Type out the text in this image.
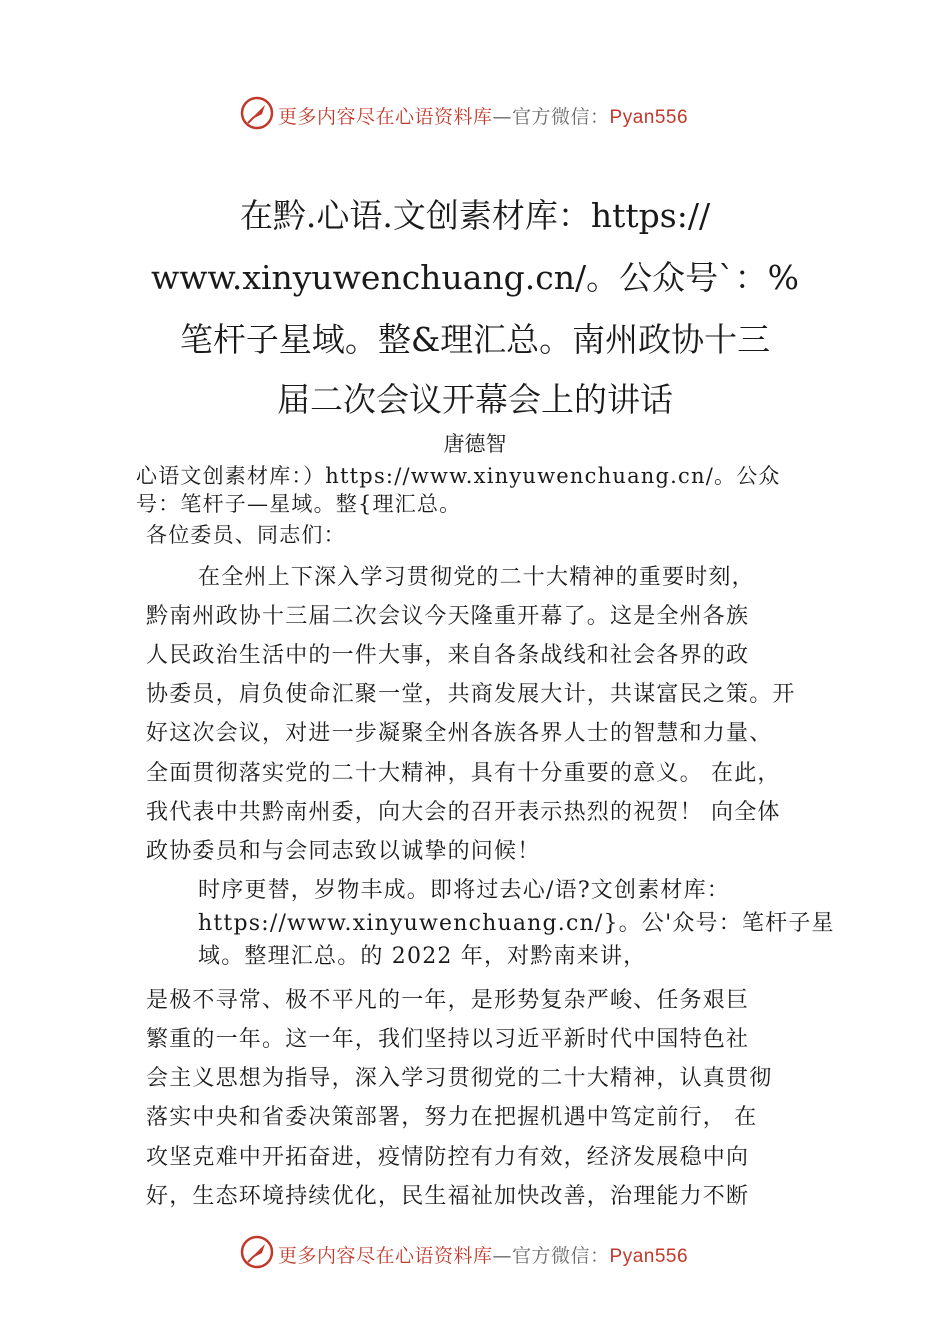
更多内容尽在心语资料库—官方微信：Pyan556
在黔.心语.文创素材库：https://
www.xinyuwenchuang.cn/。公众号`：%
笔杆子星域。整&理汇总。南州政协十三
届二次会议开幕会上的讲话
唐德智
心语文创素材库：）https://www.xinyuwenchuang.cn/。公众
号：笔杆子—星域。整{理汇总。
各位委员、同志们：
在全州上下深入学习贯彻党的二十大精神的重要时刻，
黔南州政协十三届二次会议今天隆重开幕了。这是全州各族
人民政治生活中的一件大事，来自各条战线和社会各界的政
协委员，肩负使命汇聚一堂，共商发展大计，共谋富民之策。开
好这次会议，对进一步凝聚全州各族各界人士的智慧和力量、
全面贯彻落实党的二十大精神，具有十分重要的意义。 在此，
我代表中共黔南州委，向大会的召开表示热烈的祝贺！ 向全体
政协委员和与会同志致以诚挚的问候！
时序更替，岁物丰成。即将过去心/语?文创素材库：
https://www.xinyuwenchuang.cn/}。公'众号：笔杆子星
域。整理汇总。的 2022 年，对黔南来讲，
是极不寻常、极不平凡的一年，是形势复杂严峻、任务艰巨
繁重的一年。这一年，我们坚持以习近平新时代中国特色社
会主义思想为指导，深入学习贯彻党的二十大精神，认真贯彻
落实中央和省委决策部署，努力在把握机遇中笃定前行， 在
攻坚克难中开拓奋进，疫情防控有力有效，经济发展稳中向
好，生态环境持续优化，民生福祉加快改善，治理能力不断
更多内容尽在心语资料库—官方微信：Pyan556
